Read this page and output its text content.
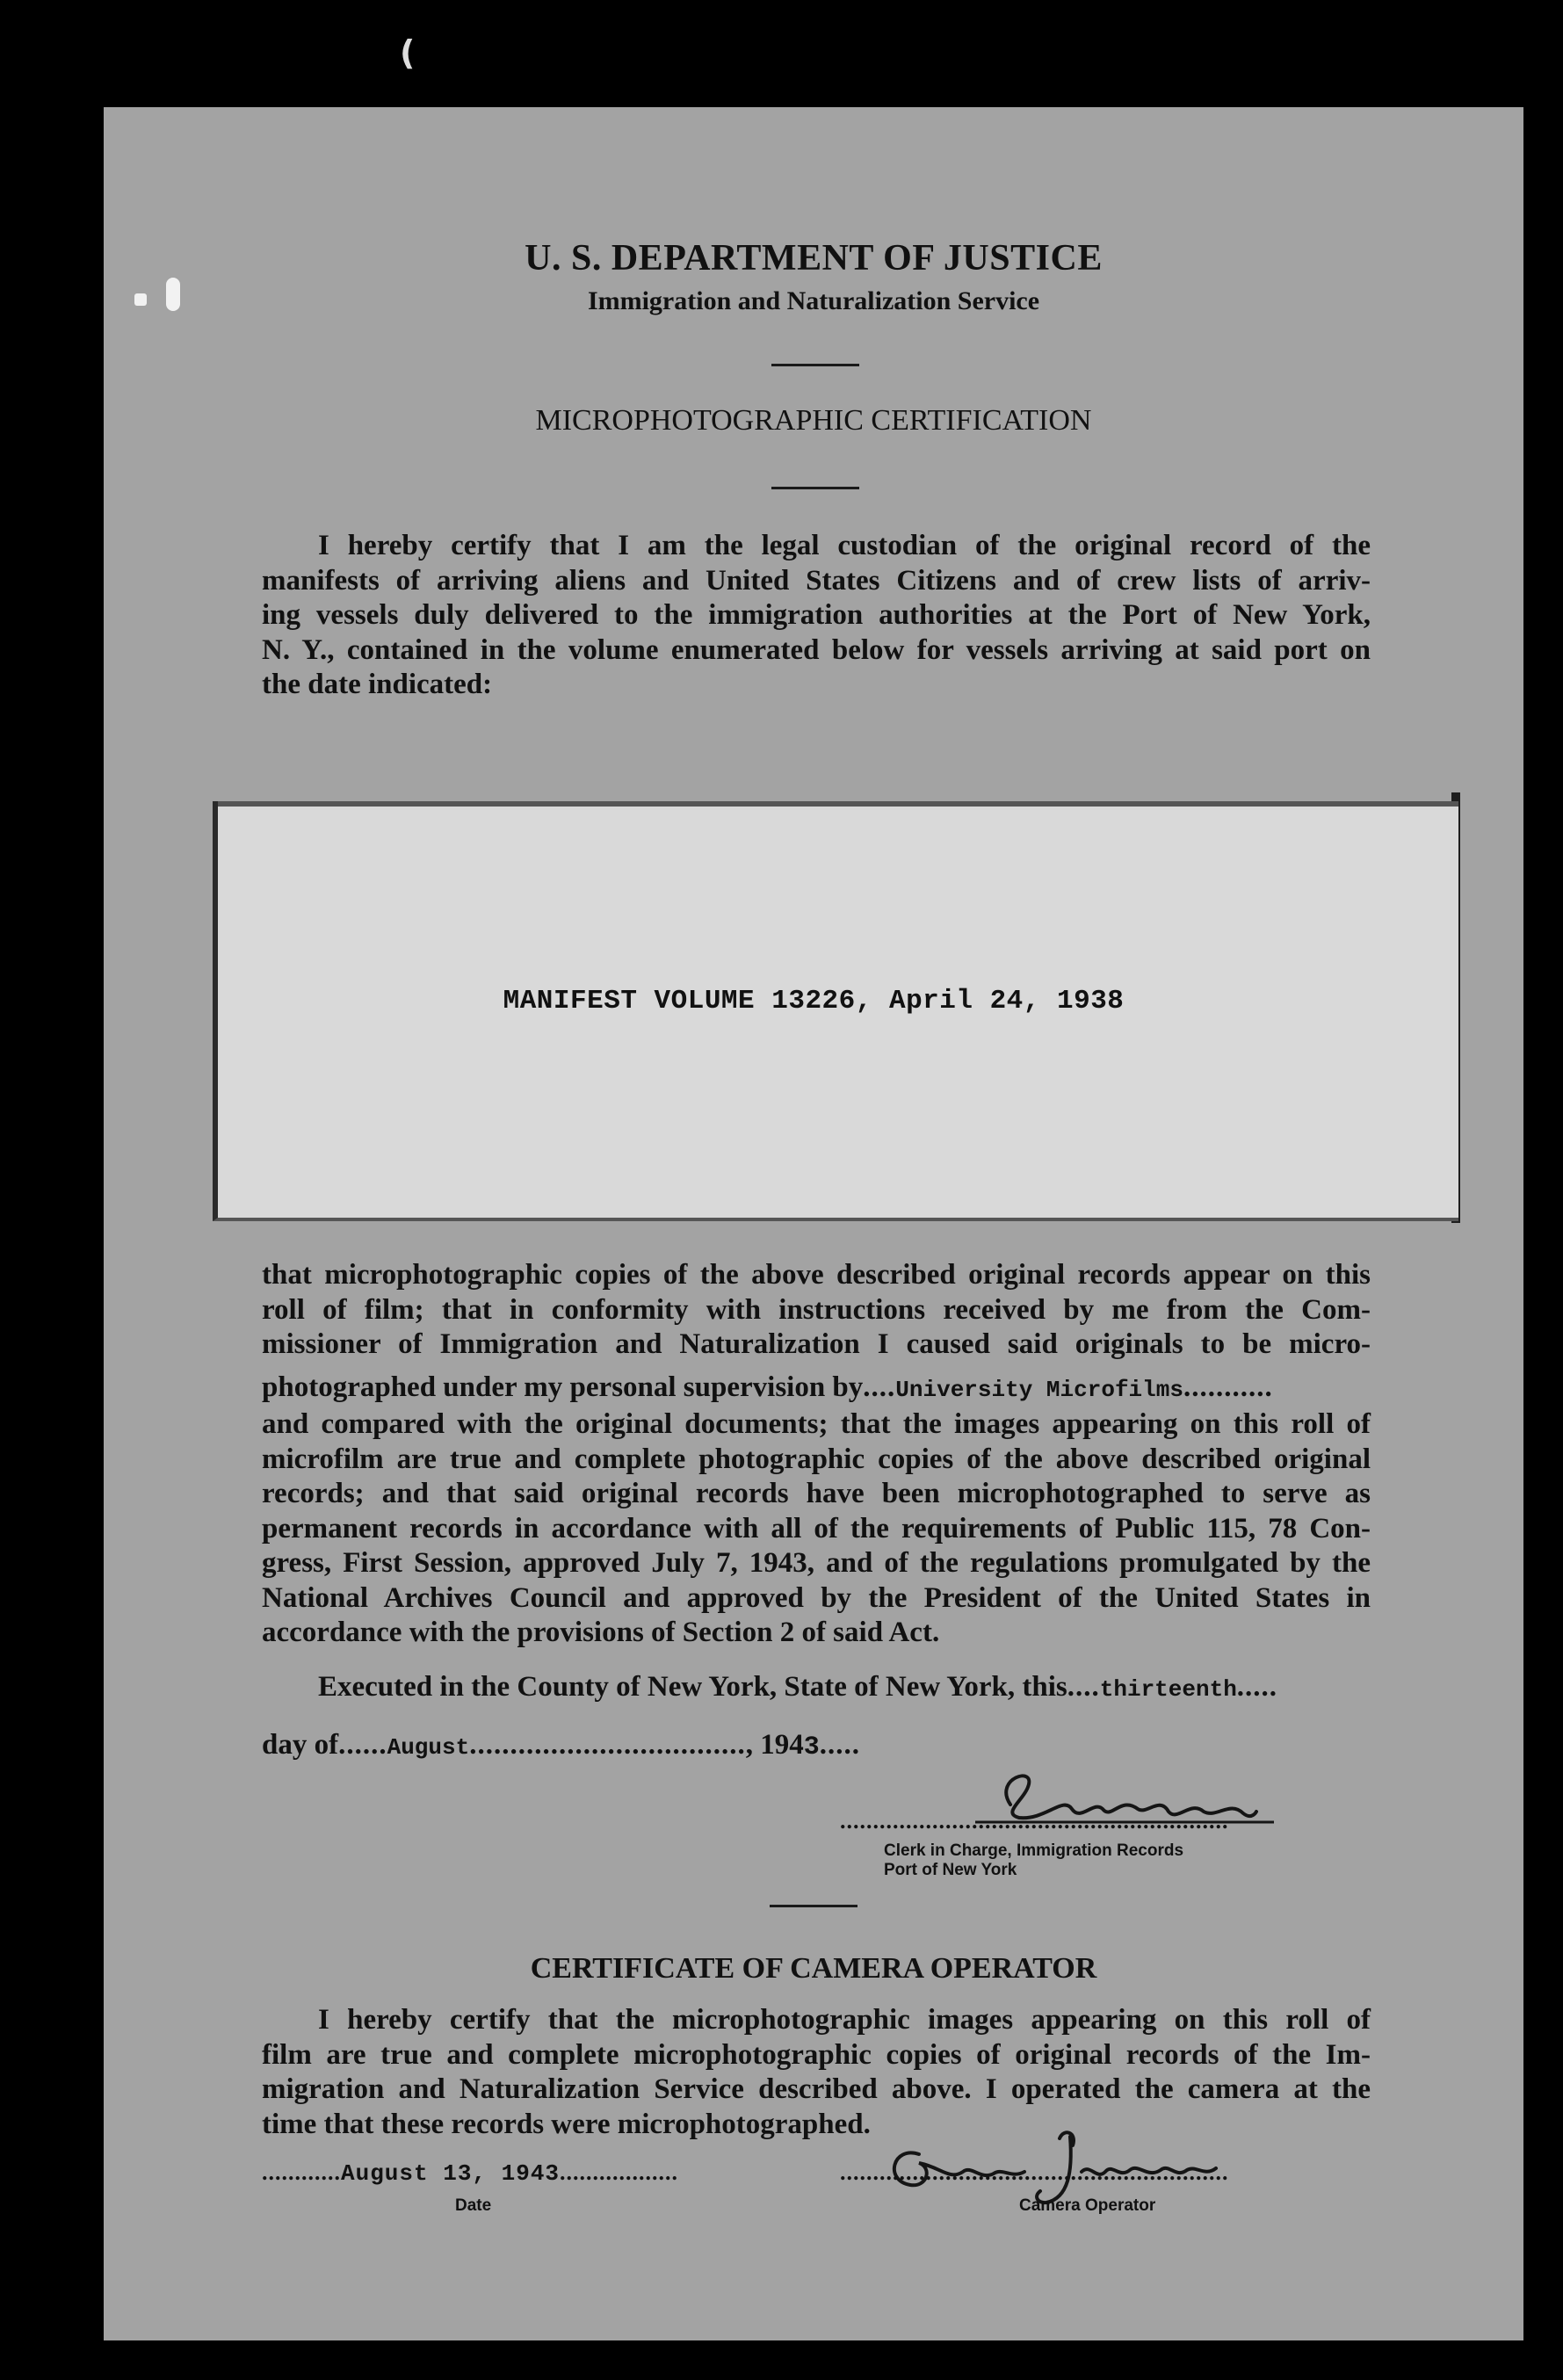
(
U. S. DEPARTMENT OF JUSTICE
Immigration and Naturalization Service
MICROPHOTOGRAPHIC CERTIFICATION
I hereby certify that I am the legal custodian of the original record of the
manifests of arriving aliens and United States Citizens and of crew lists of arriv-
ing vessels duly delivered to the immigration authorities at the Port of New York,
N. Y., contained in the volume enumerated below for vessels arriving at said port on
the date indicated:
MANIFEST VOLUME 13226, April 24, 1938
that microphotographic copies of the above described original records appear on this
roll of film; that in conformity with instructions received by me from the Com-
missioner of Immigration and Naturalization I caused said originals to be micro-
photographed under my personal supervision by....University Microfilms...........
and compared with the original documents; that the images appearing on this roll of
microfilm are true and complete photographic copies of the above described original
records; and that said original records have been microphotographed to serve as
permanent records in accordance with all of the requirements of Public 115, 78 Con-
gress, First Session, approved July 7, 1943, and of the regulations promulgated by the
National Archives Council and approved by the President of the United States in
accordance with the provisions of Section 2 of said Act.
Executed in the County of New York, State of New York, this....thirteenth.....
day of......August.................................., 1943.....
...........................................................
Clerk in Charge, Immigration Records
Port of New York
CERTIFICATE OF CAMERA OPERATOR
I hereby certify that the microphotographic images appearing on this roll of
film are true and complete microphotographic copies of original records of the Im-
migration and Naturalization Service described above. I operated the camera at the
time that these records were microphotographed.
............August 13, 1943..................
Date
...........................................................
Camera Operator
